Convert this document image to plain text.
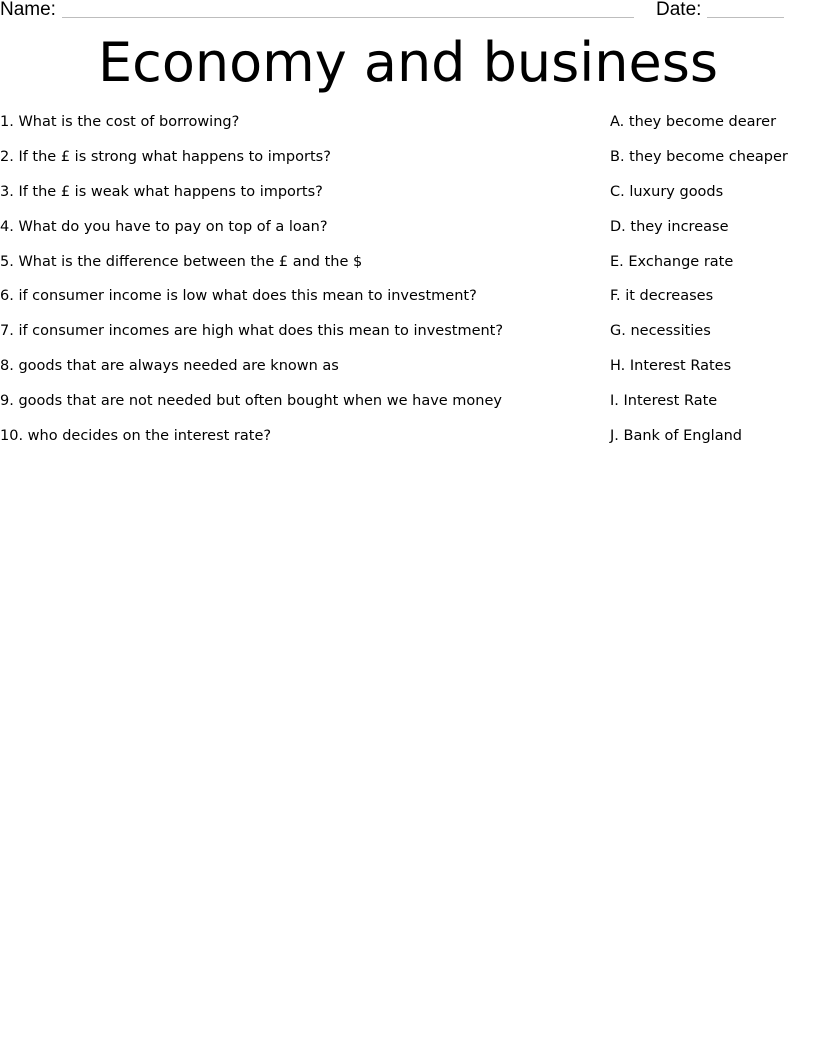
Name:	Date:
Economy and business
1. What is the cost of borrowing?
2. If the £ is strong what happens to imports?
3. If the £ is weak what happens to imports?
4. What do you have to pay on top of a loan?
5. What is the difference between the £ and the $
6. if consumer income is low what does this mean to investment?
7. if consumer incomes are high what does this mean to investment?
8. goods that are always needed are known as
9. goods that are not needed but often bought when we have money
10. who decides on the interest rate?
A. they become dearer
B. they become cheaper
C. luxury goods
D. they increase
E. Exchange rate
F. it decreases
G. necessities
H. Interest Rates
I. Interest Rate
J. Bank of England
